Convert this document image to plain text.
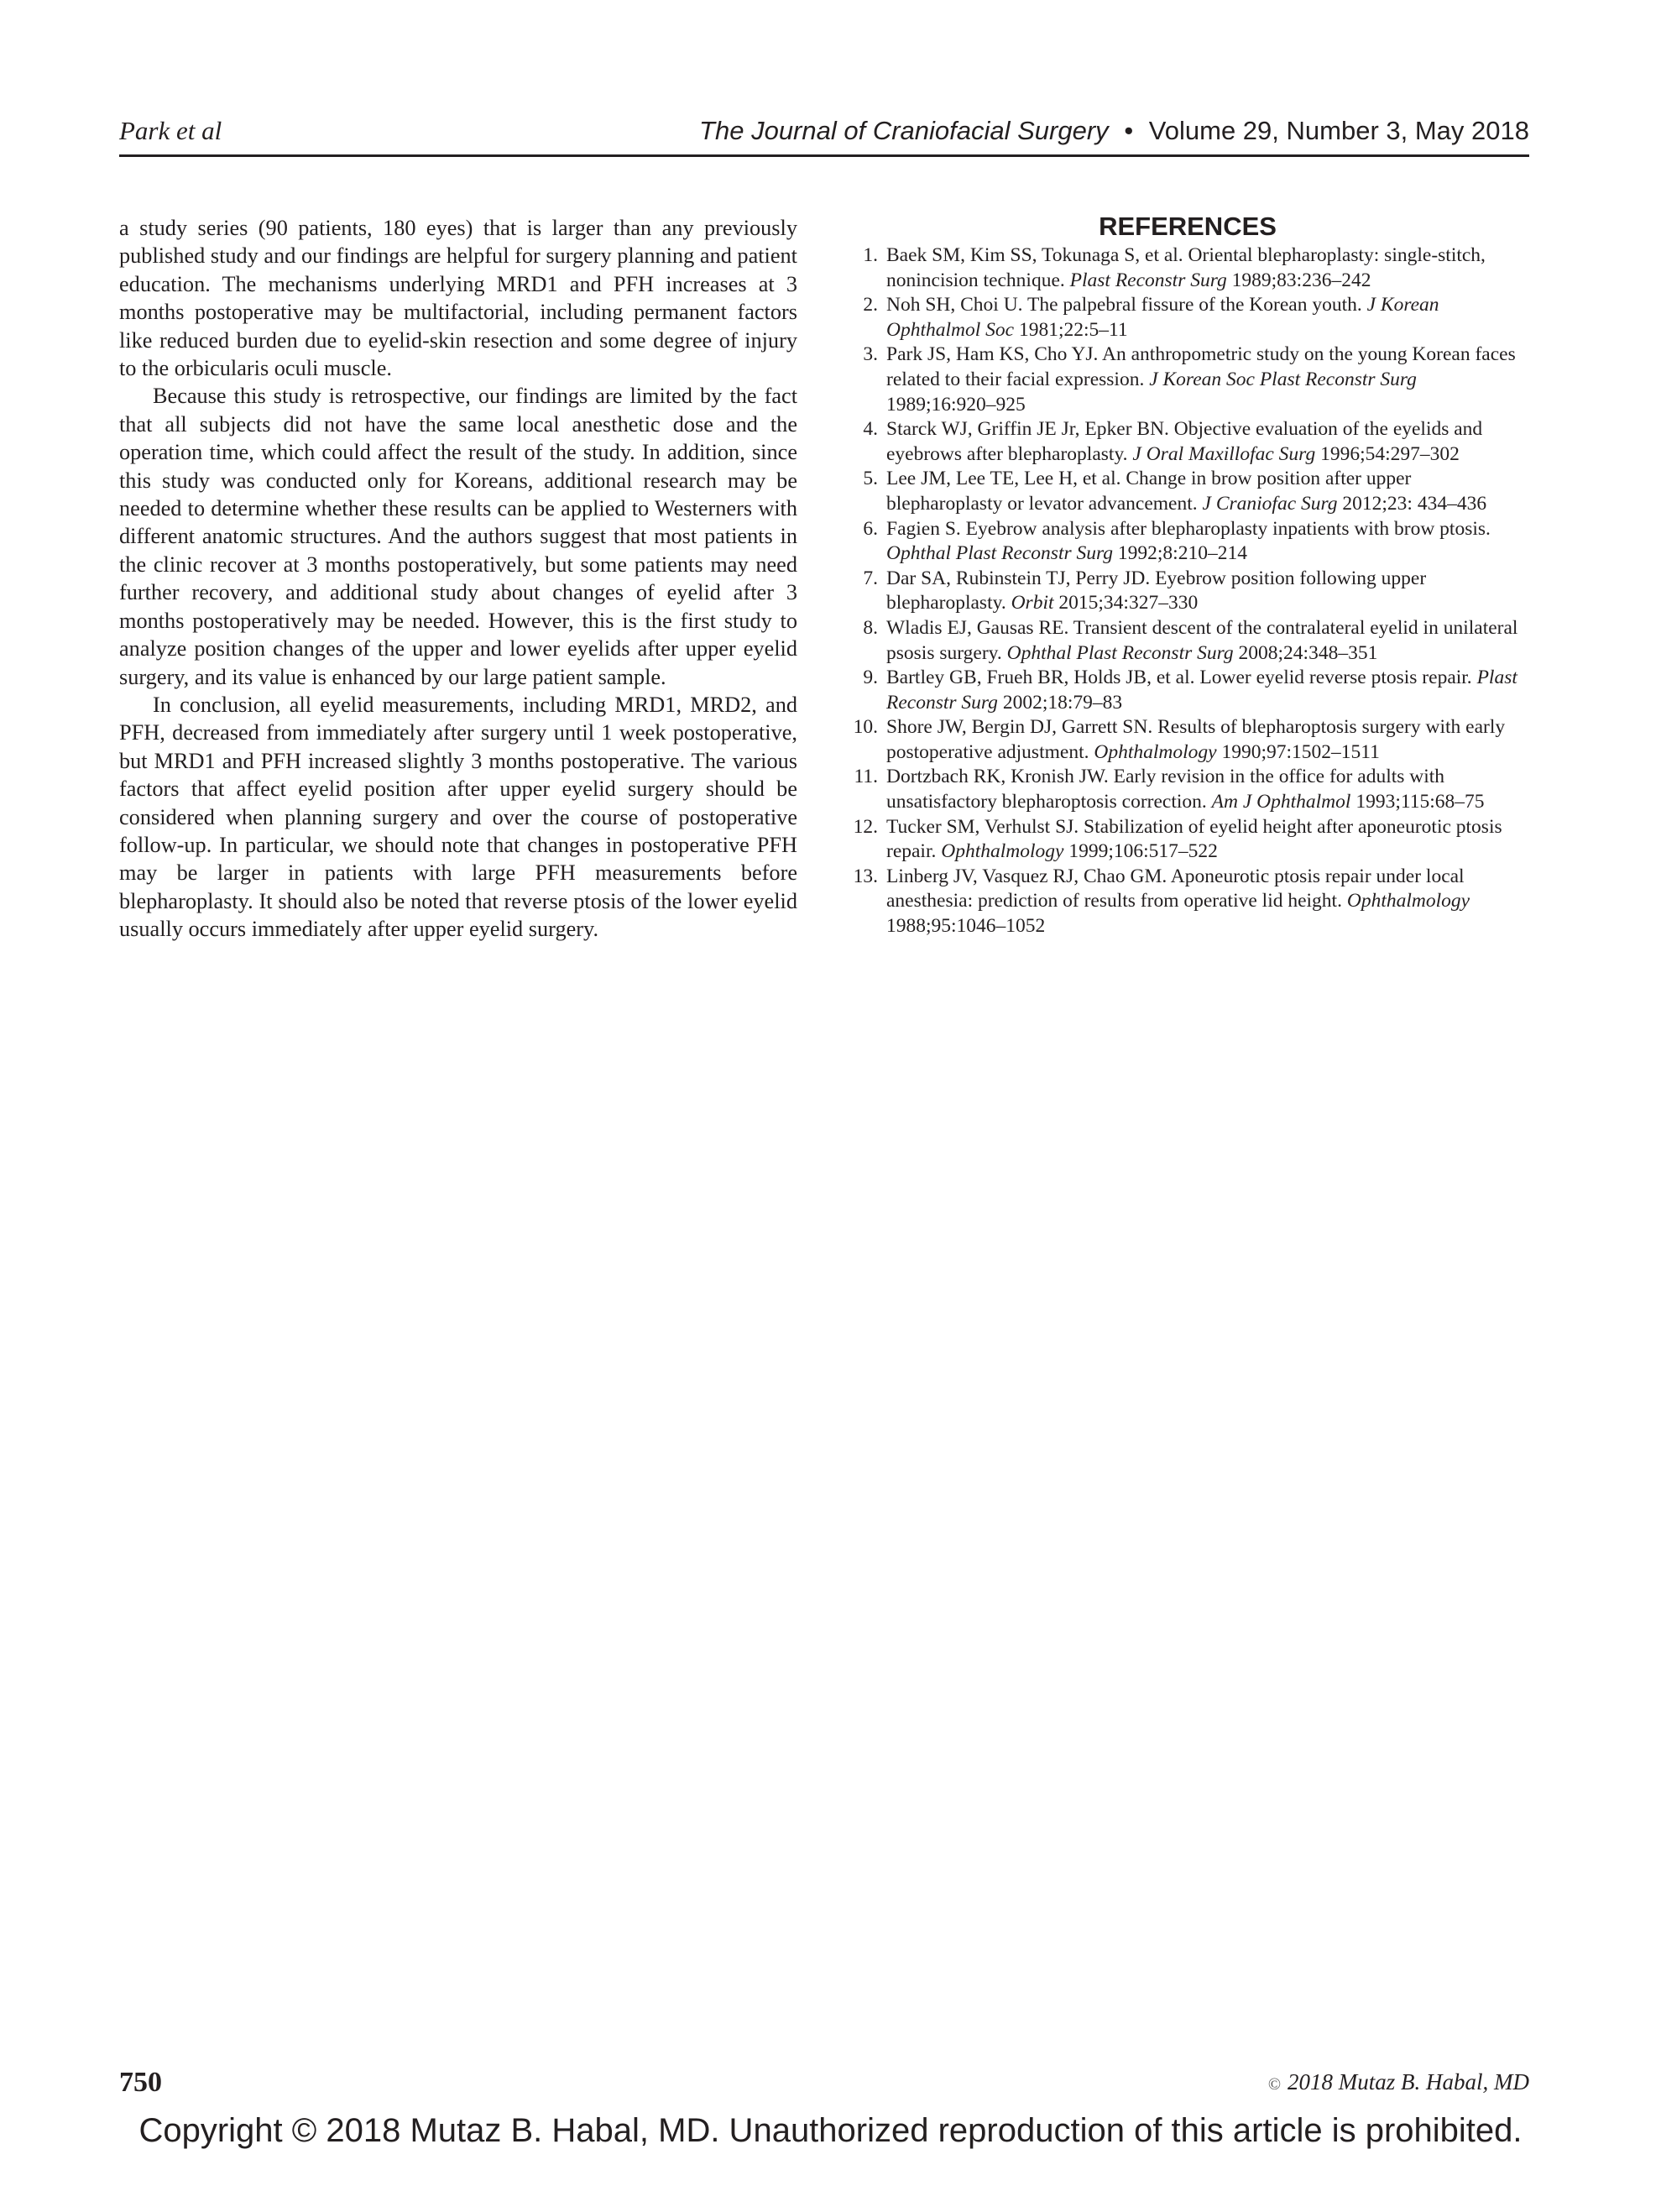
Park et al	The Journal of Craniofacial Surgery • Volume 29, Number 3, May 2018

a study series (90 patients, 180 eyes) that is larger than any previously published study and our findings are helpful for surgery planning and patient education. The mechanisms underlying MRD1 and PFH increases at 3 months postoperative may be multifactorial, including permanent factors like reduced burden due to eyelid-skin resection and some degree of injury to the orbicularis oculi muscle.

Because this study is retrospective, our findings are limited by the fact that all subjects did not have the same local anesthetic dose and the operation time, which could affect the result of the study. In addition, since this study was conducted only for Koreans, additional research may be needed to determine whether these results can be applied to Westerners with different anatomic structures. And the authors suggest that most patients in the clinic recover at 3 months postoperatively, but some patients may need further recovery, and additional study about changes of eyelid after 3 months postoperatively may be needed. However, this is the first study to analyze position changes of the upper and lower eyelids after upper eyelid surgery, and its value is enhanced by our large patient sample.

In conclusion, all eyelid measurements, including MRD1, MRD2, and PFH, decreased from immediately after surgery until 1 week postoperative, but MRD1 and PFH increased slightly 3 months postoperative. The various factors that affect eyelid position after upper eyelid surgery should be considered when planning surgery and over the course of postoperative follow-up. In particular, we should note that changes in postoperative PFH may be larger in patients with large PFH measurements before blepharoplasty. It should also be noted that reverse ptosis of the lower eyelid usually occurs immediately after upper eyelid surgery.

REFERENCES
1. Baek SM, Kim SS, Tokunaga S, et al. Oriental blepharoplasty: single-stitch, nonincision technique. Plast Reconstr Surg 1989;83:236–242
2. Noh SH, Choi U. The palpebral fissure of the Korean youth. J Korean Ophthalmol Soc 1981;22:5–11
3. Park JS, Ham KS, Cho YJ. An anthropometric study on the young Korean faces related to their facial expression. J Korean Soc Plast Reconstr Surg 1989;16:920–925
4. Starck WJ, Griffin JE Jr, Epker BN. Objective evaluation of the eyelids and eyebrows after blepharoplasty. J Oral Maxillofac Surg 1996;54:297–302
5. Lee JM, Lee TE, Lee H, et al. Change in brow position after upper blepharoplasty or levator advancement. J Craniofac Surg 2012;23: 434–436
6. Fagien S. Eyebrow analysis after blepharoplasty inpatients with brow ptosis. Ophthal Plast Reconstr Surg 1992;8:210–214
7. Dar SA, Rubinstein TJ, Perry JD. Eyebrow position following upper blepharoplasty. Orbit 2015;34:327–330
8. Wladis EJ, Gausas RE. Transient descent of the contralateral eyelid in unilateral psosis surgery. Ophthal Plast Reconstr Surg 2008;24:348–351
9. Bartley GB, Frueh BR, Holds JB, et al. Lower eyelid reverse ptosis repair. Plast Reconstr Surg 2002;18:79–83
10. Shore JW, Bergin DJ, Garrett SN. Results of blepharoptosis surgery with early postoperative adjustment. Ophthalmology 1990;97:1502–1511
11. Dortzbach RK, Kronish JW. Early revision in the office for adults with unsatisfactory blepharoptosis correction. Am J Ophthalmol 1993;115:68–75
12. Tucker SM, Verhulst SJ. Stabilization of eyelid height after aponeurotic ptosis repair. Ophthalmology 1999;106:517–522
13. Linberg JV, Vasquez RJ, Chao GM. Aponeurotic ptosis repair under local anesthesia: prediction of results from operative lid height. Ophthalmology 1988;95:1046–1052
750	© 2018 Mutaz B. Habal, MD
Copyright © 2018 Mutaz B. Habal, MD. Unauthorized reproduction of this article is prohibited.
